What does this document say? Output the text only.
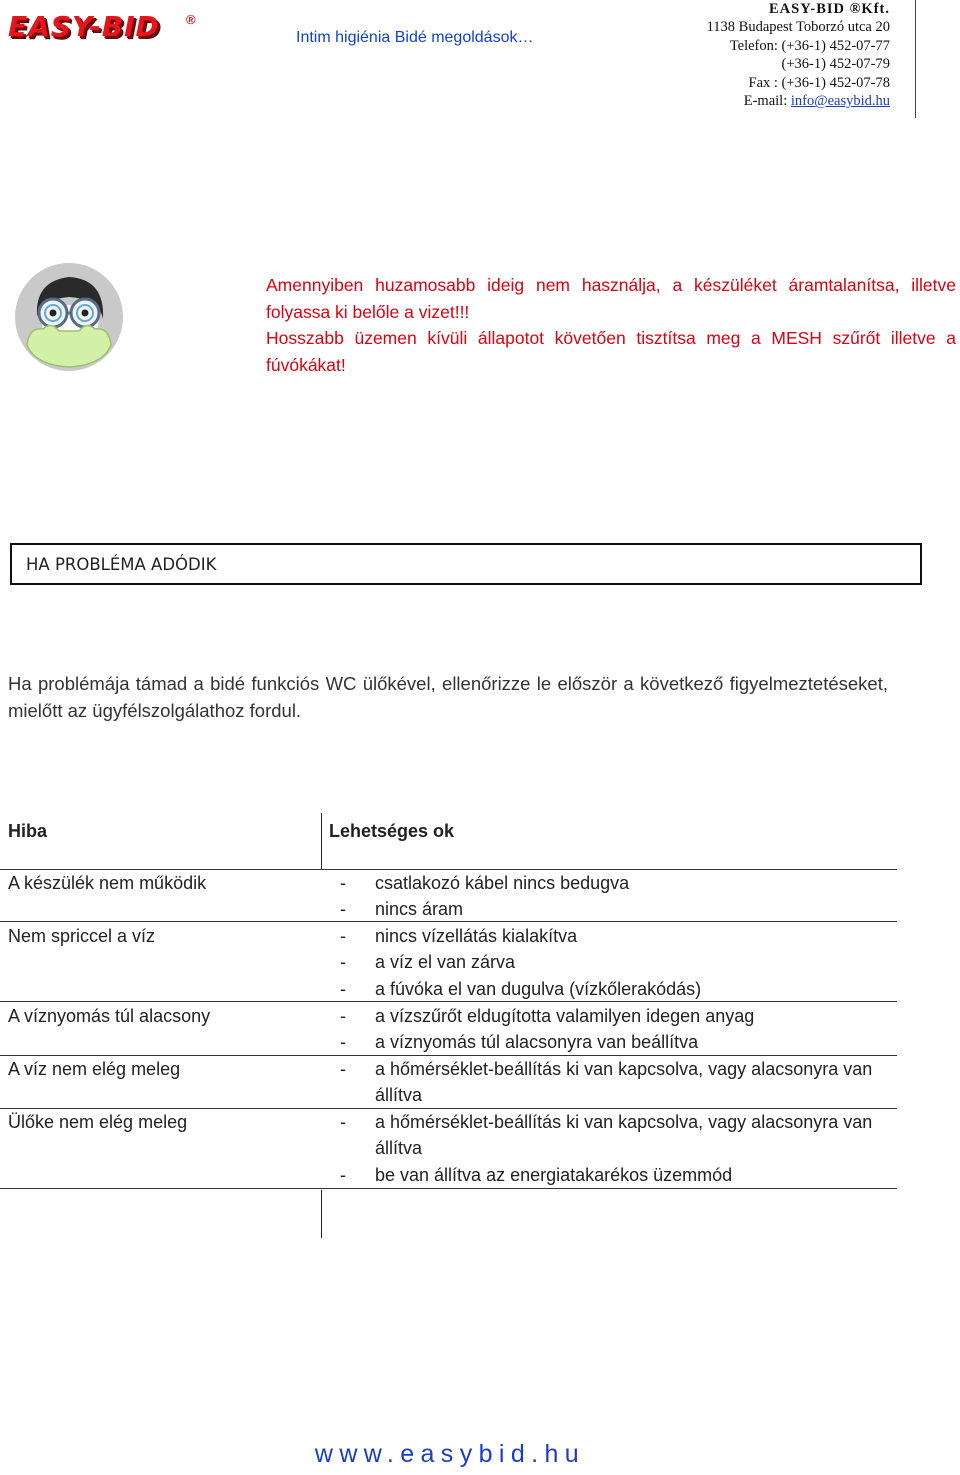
EASY-BID ®
Intim higiénia Bidé megoldások…
EASY-BID ®Kft.
1138 Budapest Toborzó utca 20
Telefon: (+36-1) 452-07-77
(+36-1) 452-07-79
Fax : (+36-1) 452-07-78
E-mail: info@easybid.hu
Amennyiben huzamosabb ideig nem használja, a készüléket áramtalanítsa, illetve folyassa ki belőle a vizet!!!
Hosszabb üzemen kívüli állapotot követően tisztítsa meg a MESH szűrőt illetve a fúvókákat!
HA PROBLÉMA ADÓDIK
Ha problémája támad a bidé funkciós WC ülőkével, ellenőrizze le először a következő figyelmeztetéseket, mielőtt az ügyfélszolgálathoz fordul.
Hiba	Lehetséges ok
A készülék nem működik	-	csatlakozó kábel nincs bedugva
-	nincs áram
Nem spriccel a víz	-	nincs vízellátás kialakítva
-	a víz el van zárva
-	a fúvóka el van dugulva (vízkőlerakódás)
A víznyomás túl alacsony	-	a vízszűrőt eldugította valamilyen idegen anyag
-	a víznyomás túl alacsonyra van beállítva
A víz nem elég meleg	-	a hőmérséklet-beállítás ki van kapcsolva, vagy alacsonyra van állítva
Ülőke nem elég meleg	-	a hőmérséklet-beállítás ki van kapcsolva, vagy alacsonyra van állítva
-	be van állítva az energiatakarékos üzemmód
www.easybid.hu
